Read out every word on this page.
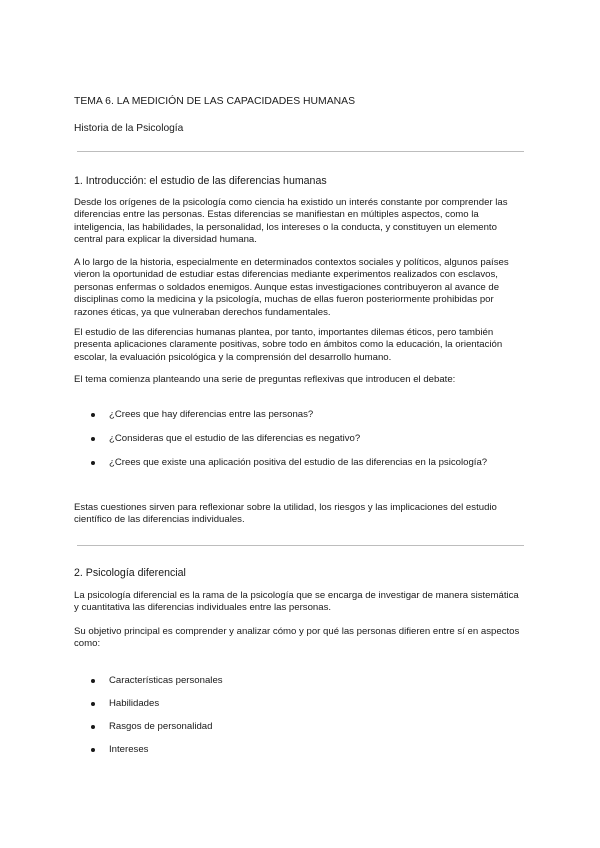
TEMA 6. LA MEDICIÓN DE LAS CAPACIDADES HUMANAS

Historia de la Psicología

1. Introducción: el estudio de las diferencias humanas

Desde los orígenes de la psicología como ciencia ha existido un interés constante por comprender las diferencias entre las personas. Estas diferencias se manifiestan en múltiples aspectos, como la inteligencia, las habilidades, la personalidad, los intereses o la conducta, y constituyen un elemento central para explicar la diversidad humana.

A lo largo de la historia, especialmente en determinados contextos sociales y políticos, algunos países vieron la oportunidad de estudiar estas diferencias mediante experimentos realizados con esclavos, personas enfermas o soldados enemigos. Aunque estas investigaciones contribuyeron al avance de disciplinas como la medicina y la psicología, muchas de ellas fueron posteriormente prohibidas por razones éticas, ya que vulneraban derechos fundamentales.

El estudio de las diferencias humanas plantea, por tanto, importantes dilemas éticos, pero también presenta aplicaciones claramente positivas, sobre todo en ámbitos como la educación, la orientación escolar, la evaluación psicológica y la comprensión del desarrollo humano.

El tema comienza planteando una serie de preguntas reflexivas que introducen el debate:

¿Crees que hay diferencias entre las personas?
¿Consideras que el estudio de las diferencias es negativo?
¿Crees que existe una aplicación positiva del estudio de las diferencias en la psicología?

Estas cuestiones sirven para reflexionar sobre la utilidad, los riesgos y las implicaciones del estudio científico de las diferencias individuales.

2. Psicología diferencial

La psicología diferencial es la rama de la psicología que se encarga de investigar de manera sistemática y cuantitativa las diferencias individuales entre las personas.

Su objetivo principal es comprender y analizar cómo y por qué las personas difieren entre sí en aspectos como:

Características personales
Habilidades
Rasgos de personalidad
Intereses
